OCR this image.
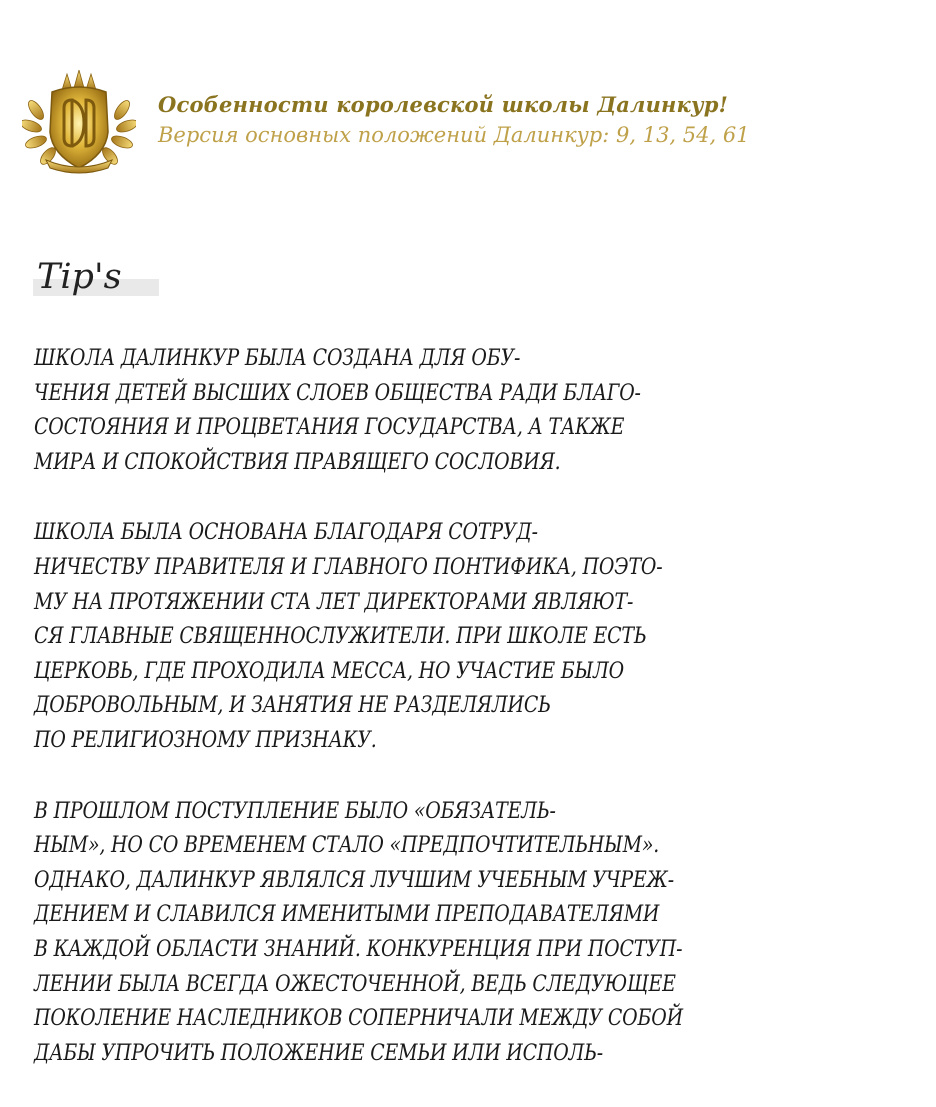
Особенности королевской школы Далинкур!
Версия основных положений Далинкур: 9, 13, 54, 61
Tip's
ШКОЛА ДАЛИНКУР БЫЛА СОЗДАНА ДЛЯ ОБУ-
ЧЕНИЯ ДЕТЕЙ ВЫСШИХ СЛОЕВ ОБЩЕСТВА РАДИ БЛАГО-
СОСТОЯНИЯ И ПРОЦВЕТАНИЯ ГОСУДАРСТВА, А ТАКЖЕ
МИРА И СПОКОЙСТВИЯ ПРАВЯЩЕГО СОСЛОВИЯ.
ШКОЛА БЫЛА ОСНОВАНА БЛАГОДАРЯ СОТРУД-
НИЧЕСТВУ ПРАВИТЕЛЯ И ГЛАВНОГО ПОНТИФИКА, ПОЭТО-
МУ НА ПРОТЯЖЕНИИ СТА ЛЕТ ДИРЕКТОРАМИ ЯВЛЯЮТ-
СЯ ГЛАВНЫЕ СВЯЩЕННОСЛУЖИТЕЛИ. ПРИ ШКОЛЕ ЕСТЬ
ЦЕРКОВЬ, ГДЕ ПРОХОДИЛА МЕССА, НО УЧАСТИЕ БЫЛО
ДОБРОВОЛЬНЫМ, И ЗАНЯТИЯ НЕ РАЗДЕЛЯЛИСЬ
ПО РЕЛИГИОЗНОМУ ПРИЗНАКУ.
В ПРОШЛОМ ПОСТУПЛЕНИЕ БЫЛО «ОБЯЗАТЕЛЬ-
НЫМ», НО СО ВРЕМЕНЕМ СТАЛО «ПРЕДПОЧТИТЕЛЬНЫМ».
ОДНАКО, ДАЛИНКУР ЯВЛЯЛСЯ ЛУЧШИМ УЧЕБНЫМ УЧРЕЖ-
ДЕНИЕМ И СЛАВИЛСЯ ИМЕНИТЫМИ ПРЕПОДАВАТЕЛЯМИ
В КАЖДОЙ ОБЛАСТИ ЗНАНИЙ. КОНКУРЕНЦИЯ ПРИ ПОСТУП-
ЛЕНИИ БЫЛА ВСЕГДА ОЖЕСТОЧЕННОЙ, ВЕДЬ СЛЕДУЮЩЕЕ
ПОКОЛЕНИЕ НАСЛЕДНИКОВ СОПЕРНИЧАЛИ МЕЖДУ СОБОЙ
ДАБЫ УПРОЧИТЬ ПОЛОЖЕНИЕ СЕМЬИ ИЛИ ИСПОЛЬ-
